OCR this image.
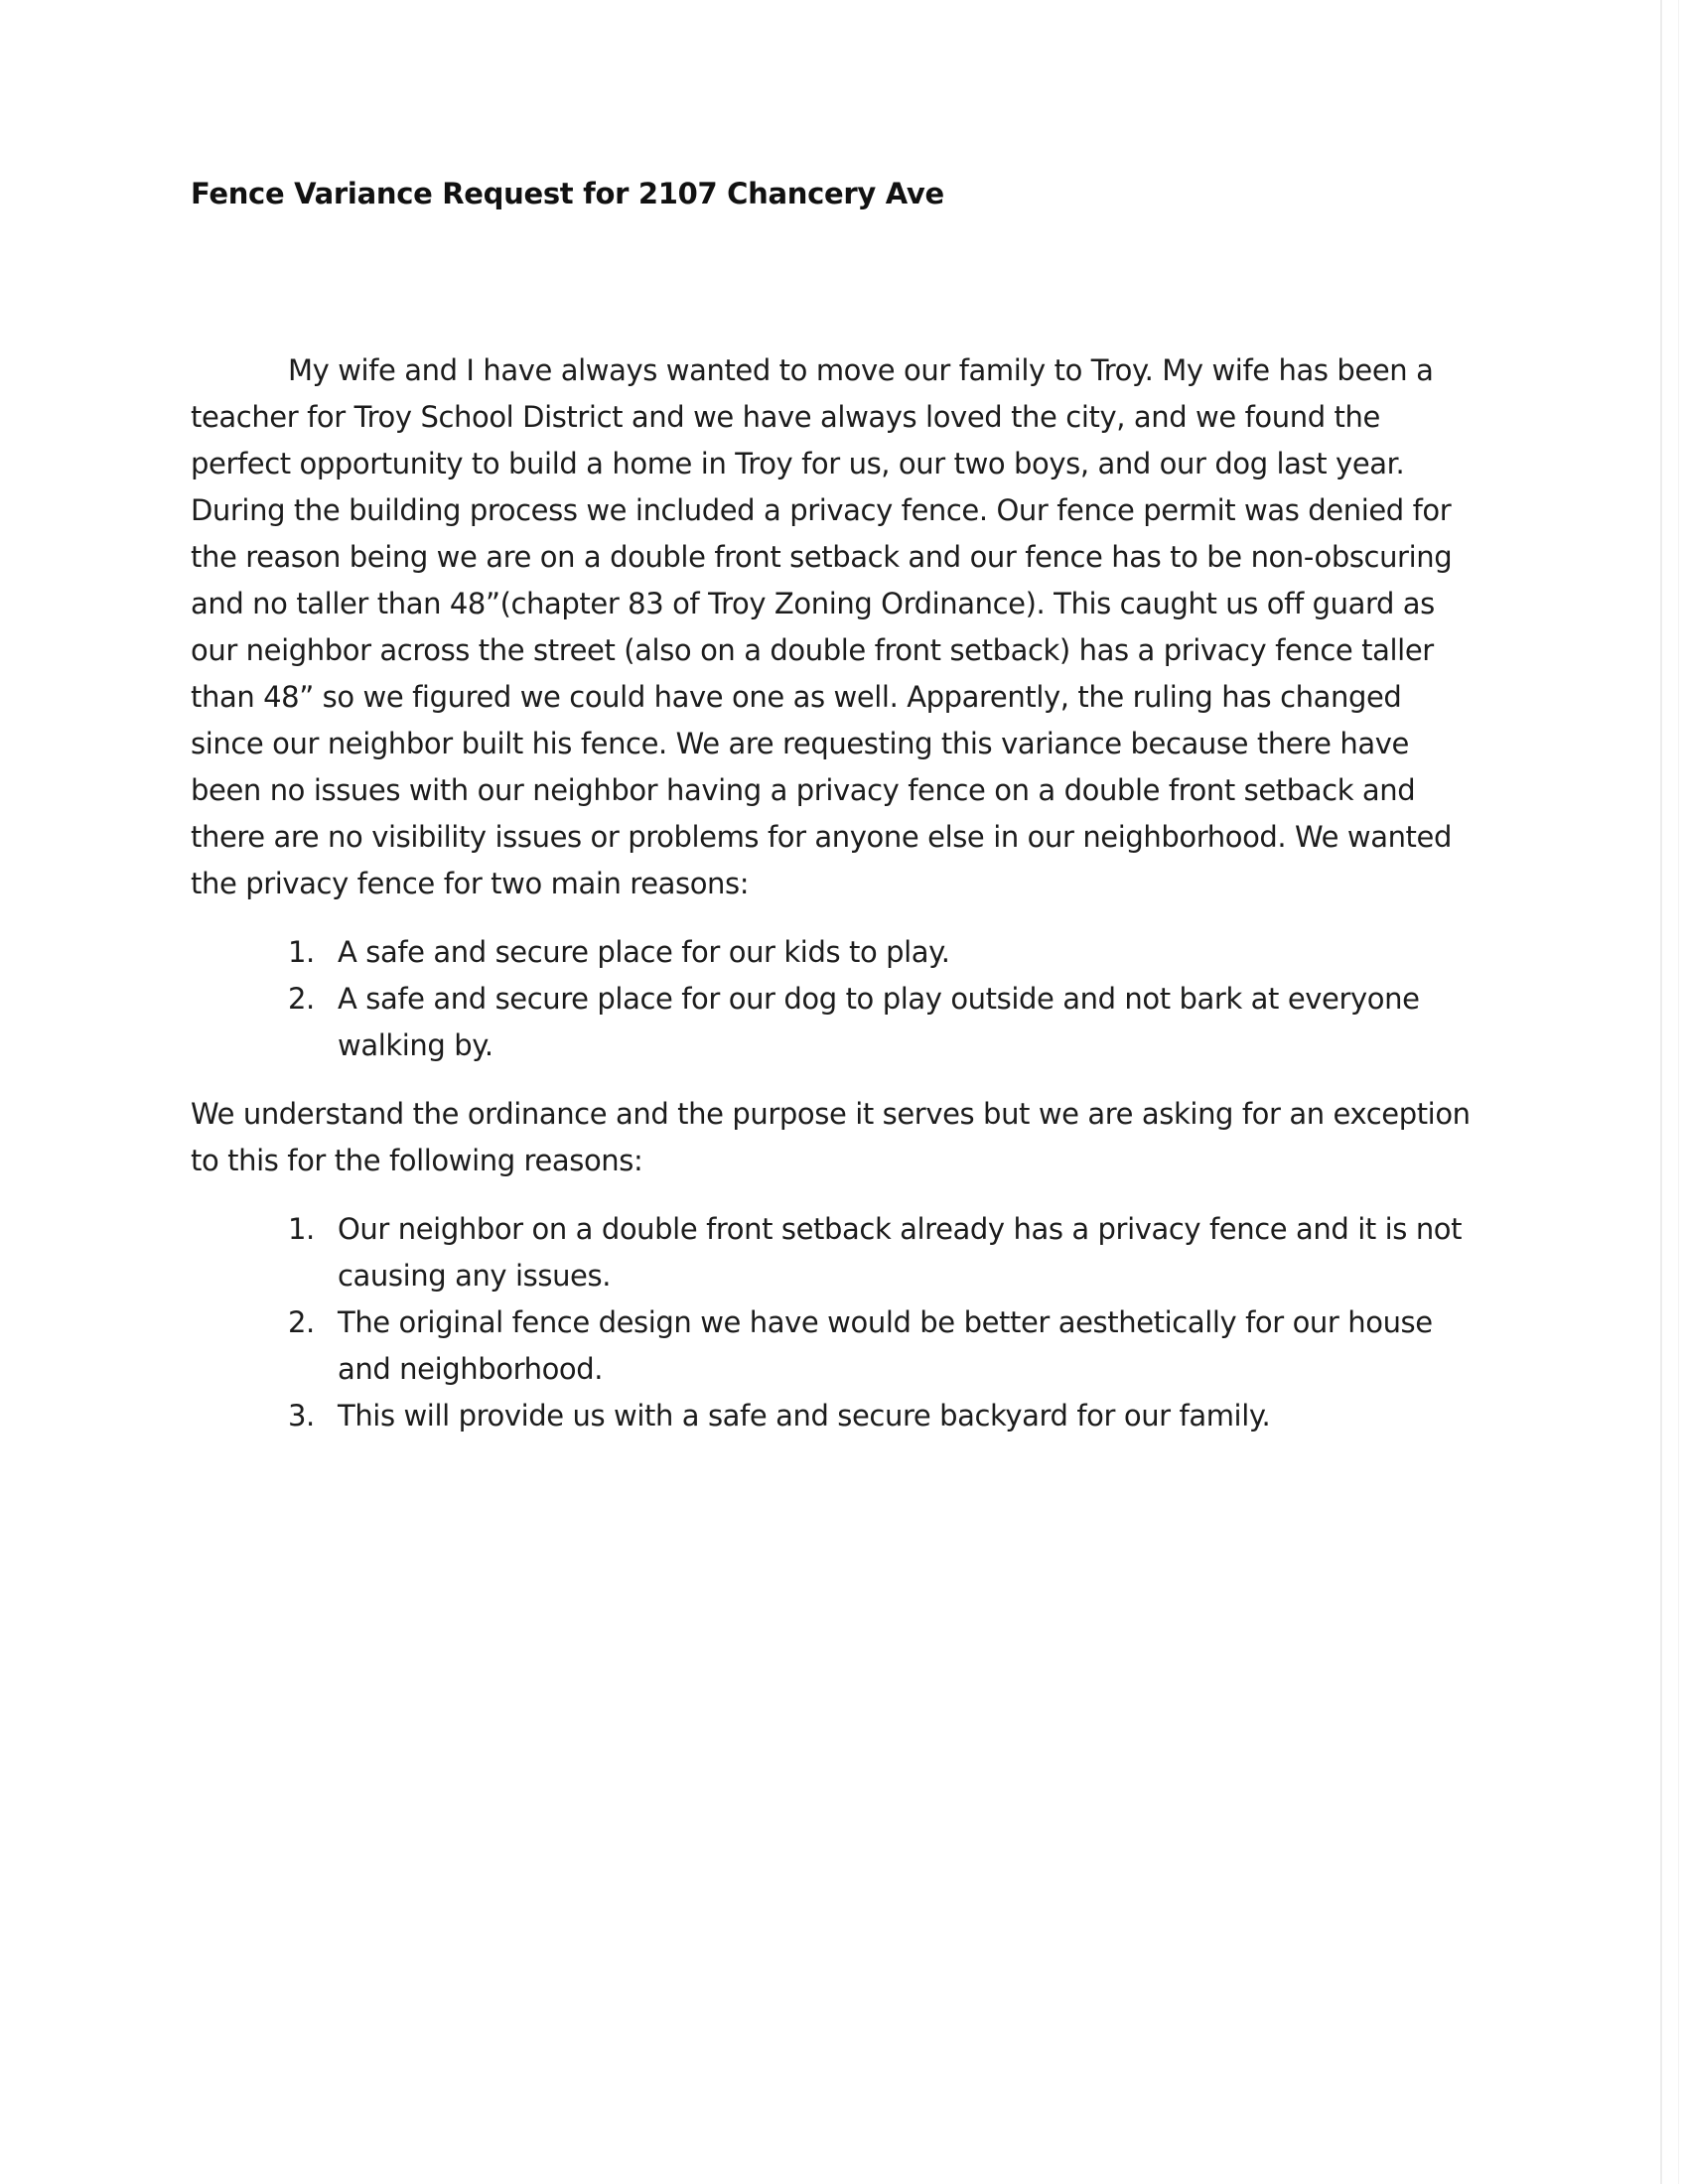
Fence Variance Request for 2107 Chancery Ave

My wife and I have always wanted to move our family to Troy. My wife has been a teacher for Troy School District and we have always loved the city, and we found the perfect opportunity to build a home in Troy for us, our two boys, and our dog last year. During the building process we included a privacy fence. Our fence permit was denied for the reason being we are on a double front setback and our fence has to be non-obscuring and no taller than 48”(chapter 83 of Troy Zoning Ordinance). This caught us off guard as our neighbor across the street (also on a double front setback) has a privacy fence taller than 48” so we figured we could have one as well. Apparently, the ruling has changed since our neighbor built his fence. We are requesting this variance because there have been no issues with our neighbor having a privacy fence on a double front setback and there are no visibility issues or problems for anyone else in our neighborhood. We wanted the privacy fence for two main reasons:

1. A safe and secure place for our kids to play.
2. A safe and secure place for our dog to play outside and not bark at everyone walking by.

We understand the ordinance and the purpose it serves but we are asking for an exception to this for the following reasons:

1. Our neighbor on a double front setback already has a privacy fence and it is not causing any issues.
2. The original fence design we have would be better aesthetically for our house and neighborhood.
3. This will provide us with a safe and secure backyard for our family.
